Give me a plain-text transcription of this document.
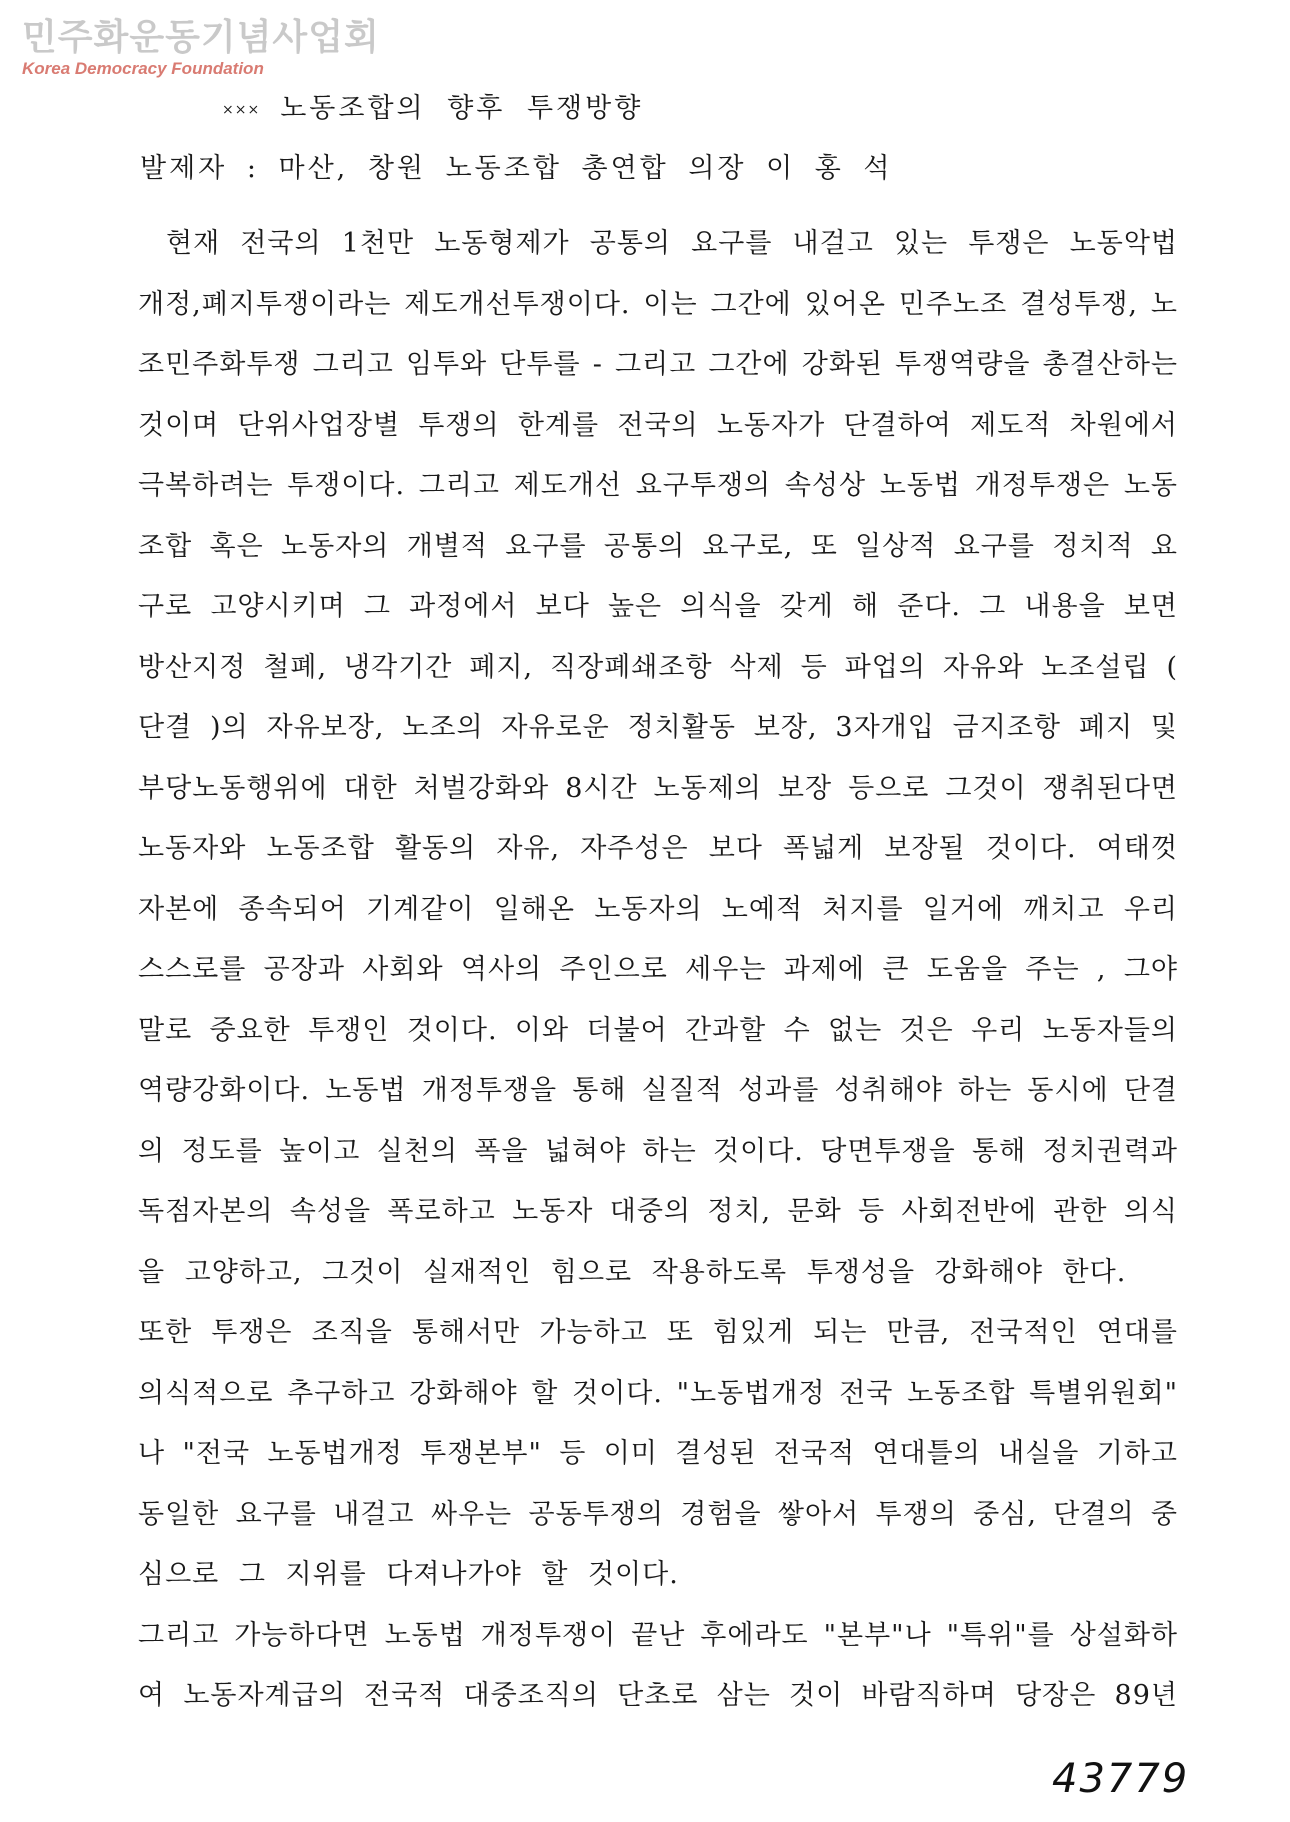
민주화운동기념사업회
Korea Democracy Foundation
××× 노동조합의 향후 투쟁방향
발제자 : 마산, 창원 노동조합 총연합 의장 이 홍 석
현재 전국의 1천만 노동형제가 공통의 요구를 내걸고 있는 투쟁은 노동악법
개정,폐지투쟁이라는 제도개선투쟁이다. 이는 그간에 있어온 민주노조 결성투쟁, 노
조민주화투쟁 그리고 임투와 단투를 - 그리고 그간에 강화된 투쟁역량을 총결산하는
것이며 단위사업장별 투쟁의 한계를 전국의 노동자가 단결하여 제도적 차원에서
극복하려는 투쟁이다. 그리고 제도개선 요구투쟁의 속성상 노동법 개정투쟁은 노동
조합 혹은 노동자의 개별적 요구를 공통의 요구로, 또 일상적 요구를 정치적 요
구로 고양시키며 그 과정에서 보다 높은 의식을 갖게 해 준다. 그 내용을 보면
방산지정 철폐, 냉각기간 폐지, 직장폐쇄조항 삭제 등 파업의 자유와 노조설립 (
단결 )의 자유보장, 노조의 자유로운 정치활동 보장, 3자개입 금지조항 폐지 및
부당노동행위에 대한 처벌강화와 8시간 노동제의 보장 등으로 그것이 쟁취된다면
노동자와 노동조합 활동의 자유, 자주성은 보다 폭넓게 보장될 것이다. 여태껏
자본에 종속되어 기계같이 일해온 노동자의 노예적 처지를 일거에 깨치고 우리
스스로를 공장과 사회와 역사의 주인으로 세우는 과제에 큰 도움을 주는 , 그야
말로 중요한 투쟁인 것이다. 이와 더불어 간과할 수 없는 것은 우리 노동자들의
역량강화이다. 노동법 개정투쟁을 통해 실질적 성과를 성취해야 하는 동시에 단결
의 정도를 높이고 실천의 폭을 넓혀야 하는 것이다. 당면투쟁을 통해 정치권력과
독점자본의 속성을 폭로하고 노동자 대중의 정치, 문화 등 사회전반에 관한 의식
을 고양하고, 그것이 실재적인 힘으로 작용하도록 투쟁성을 강화해야 한다.
또한 투쟁은 조직을 통해서만 가능하고 또 힘있게 되는 만큼, 전국적인 연대를
의식적으로 추구하고 강화해야 할 것이다. "노동법개정 전국 노동조합 특별위원회"
나 "전국 노동법개정 투쟁본부" 등 이미 결성된 전국적 연대틀의 내실을 기하고
동일한 요구를 내걸고 싸우는 공동투쟁의 경험을 쌓아서 투쟁의 중심, 단결의 중
심으로 그 지위를 다져나가야 할 것이다.
그리고 가능하다면 노동법 개정투쟁이 끝난 후에라도 "본부"나 "특위"를 상설화하
여 노동자계급의 전국적 대중조직의 단초로 삼는 것이 바람직하며 당장은 89년
43779
